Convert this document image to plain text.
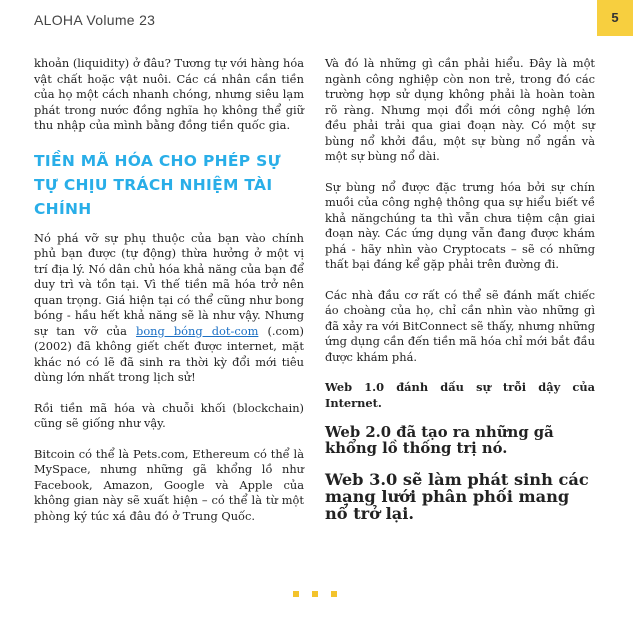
ALOHA Volume 23	5

khoản (liquidity) ở đâu? Tương tự với hàng hóa vật chất hoặc vật nuôi. Các cá nhân cần tiền của họ một cách nhanh chóng, nhưng siêu lạm phát trong nước đồng nghĩa họ không thể giữ thu nhập của mình bằng đồng tiền quốc gia.

TIỀN MÃ HÓA CHO PHÉP SỰ TỰ CHỊU TRÁCH NHIỆM TÀI CHÍNH

Nó phá vỡ sự phụ thuộc của bạn vào chính phủ bạn được (tự động) thừa hưởng ở một vị trí địa lý. Nó dân chủ hóa khả năng của bạn để duy trì và tồn tại. Vì thế tiền mã hóa trở nên quan trọng. Giá hiện tại có thể cũng như bong bóng - hầu hết khả năng sẽ là như vậy. Nhưng sự tan vỡ của bong bóng dot-com (.com) (2002) đã không giết chết được internet, mặt khác nó có lẽ đã sinh ra thời kỳ đổi mới tiêu dùng lớn nhất trong lịch sử!

Rồi tiền mã hóa và chuỗi khối (blockchain) cũng sẽ giống như vậy.

Bitcoin có thể là Pets.com, Ethereum có thể là MySpace, nhưng những gã khổng lồ như Facebook, Amazon, Google và Apple của không gian này sẽ xuất hiện – có thể là từ một phòng ký túc xá đâu đó ở Trung Quốc.

Và đó là những gì cần phải hiểu. Đây là một ngành công nghiệp còn non trẻ, trong đó các trường hợp sử dụng không phải là hoàn toàn rõ ràng. Nhưng mọi đổi mới công nghệ lớn đều phải trải qua giai đoạn này. Có một sự bùng nổ khởi đầu, một sự bùng nổ ngắn và một sự bùng nổ dài.

Sự bùng nổ được đặc trưng hóa bởi sự chín muồi của công nghệ thông qua sự hiểu biết về khả năngchúng ta thì vẫn chưa tiệm cận giai đoạn này. Các ứng dụng vẫn đang được khám phá - hãy nhìn vào Cryptocats – sẽ có những thất bại đáng kể gặp phải trên đường đi.

Các nhà đầu cơ rất có thể sẽ đánh mất chiếc áo choàng của họ, chỉ cần nhìn vào những gì đã xảy ra với BitConnect sẽ thấy, nhưng những ứng dụng cần đến tiền mã hóa chỉ mới bắt đầu được khám phá.

Web 1.0 đánh dấu sự trỗi dậy của Internet.

Web 2.0 đã tạo ra những gã khổng lồ thống trị nó.

Web 3.0 sẽ làm phát sinh các mạng lưới phân phối mang nổ trở lại.
